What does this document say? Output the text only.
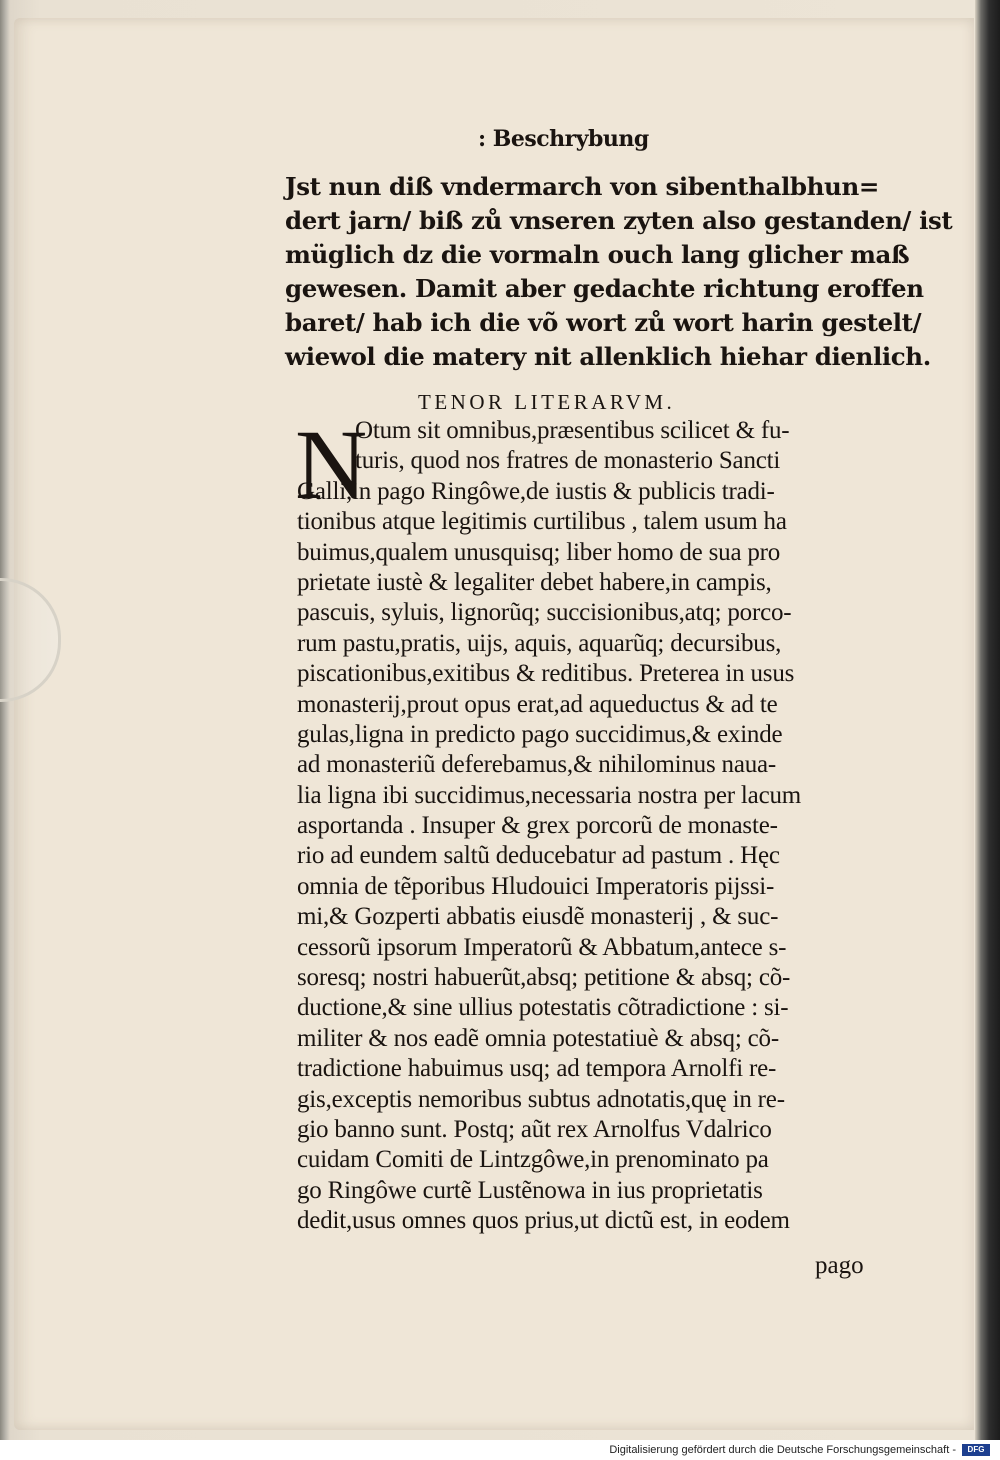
: Beschrybung
Jst nun diß vndermarch von sibenthalbhun=
dert jarn/ biß zů vnseren zyten also gestanden/ ist
müglich dz die vormaln ouch lang glicher maß
gewesen. Damit aber gedachte richtung eroffen
baret/ hab ich die võ wort zů wort harin gestelt/
wiewol die matery nit allenklich hiehar dienlich.
TENOR LITERARVM.
N
Otum sit omnibus,præsentibus scilicet & fu-
turis, quod nos fratres de monasterio Sancti
Galli,in pago Ringôwe,de iustis & publicis tradi-
tionibus atque legitimis curtilibus , talem usum ha
buimus,qualem unusquisq; liber homo de sua pro
prietate iustè & legaliter debet habere,in campis,
pascuis, syluis, lignorũq; succisionibus,atq; porco-
rum pastu,pratis, uijs, aquis, aquarũq; decursibus,
piscationibus,exitibus & reditibus. Preterea in usus
monasterij,prout opus erat,ad aqueductus & ad te
gulas,ligna in predicto pago succidimus,& exinde
ad monasteriũ deferebamus,& nihilominus naua-
lia ligna ibi succidimus,necessaria nostra per lacum
asportanda . Insuper & grex porcorũ de monaste-
rio ad eundem saltũ deducebatur ad pastum . Hęc
omnia de tẽporibus Hludouici Imperatoris pijssi-
mi,& Gozperti abbatis eiusdẽ monasterij , & suc-
cessorũ ipsorum Imperatorũ & Abbatum,antece s-
soresq; nostri habuerũt,absq; petitione & absq; cõ-
ductione,& sine ullius potestatis cõtradictione : si-
militer & nos eadẽ omnia potestatiuè & absq; cõ-
tradictione habuimus usq; ad tempora Arnolfi re-
gis,exceptis nemoribus subtus adnotatis,quę in re-
gio banno sunt. Postq; aũt rex Arnolfus Vdalrico
cuidam Comiti de Lintzgôwe,in prenominato pa
go Ringôwe curtẽ Lustẽnowa in ius proprietatis
dedit,usus omnes quos prius,ut dictũ est, in eodem
pago
Digitalisierung gefördert durch die Deutsche Forschungsgemeinschaft -	DFG
